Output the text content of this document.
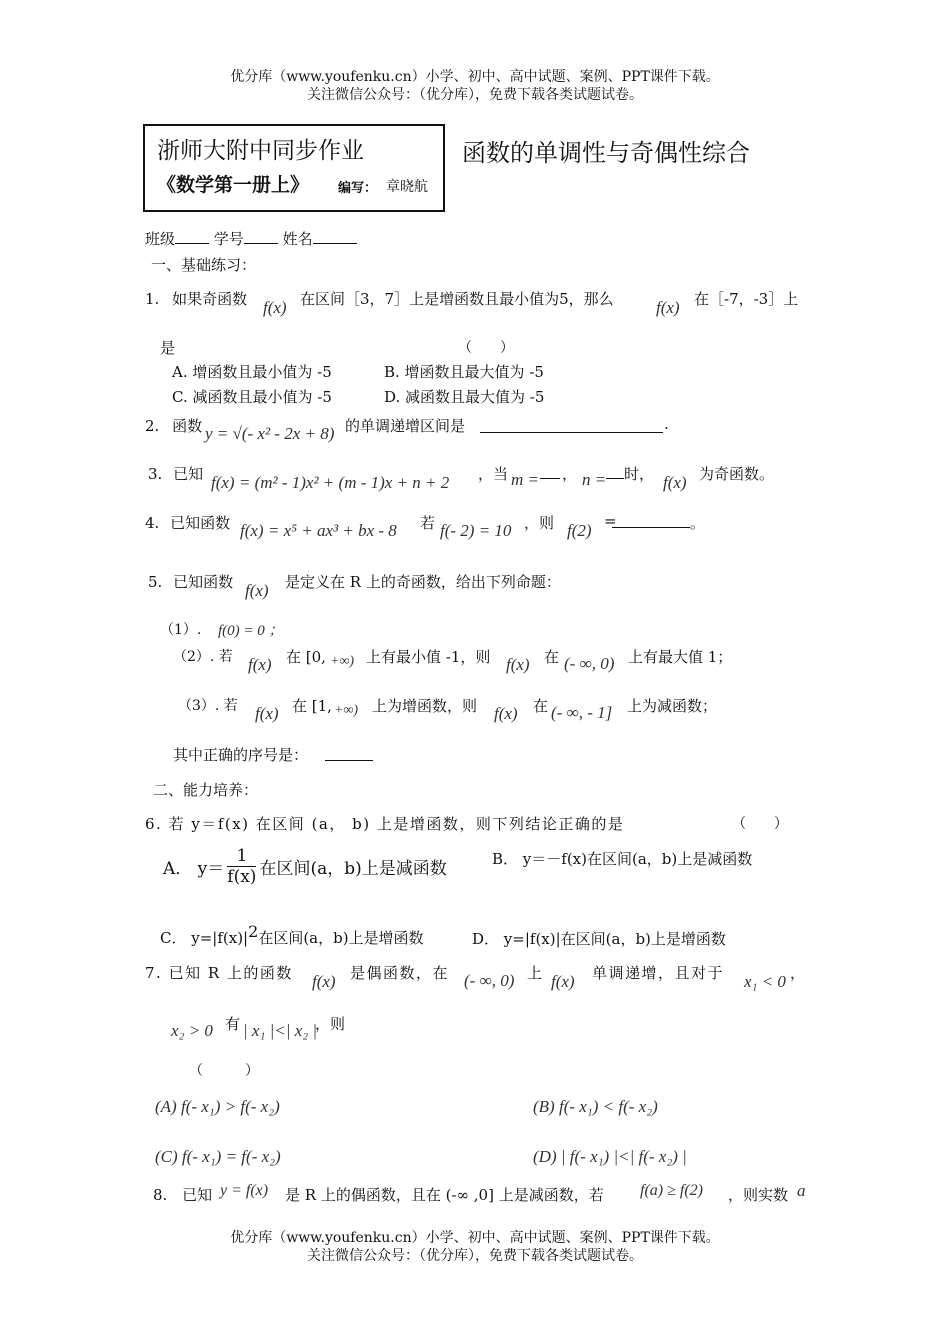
优分库（www.youfenku.cn）小学、初中、高中试题、案例、PPT课件下载。
关注微信公众号：（优分库），免费下载各类试题试卷。
浙师大附中同步作业
《数学第一册上》 编写： 章晓航
函数的单调性与奇偶性综合
班级	学号	姓名
一、基础练习：
1. 如果奇函数 f(x) 在区间［3，7］上是增函数且最小值为5，那么 f(x) 在［-7，-3］上
是	（　　）
A. 增函数且最小值为 -5	B. 增函数且最大值为 -5
C. 减函数且最小值为 -5	D. 减函数且最大值为 -5
2. 函数 y = √(- x² - 2x + 8) 的单调递增区间是	.
3. 已知 f(x) = (m² - 1)x² + (m - 1)x + n + 2 ，当 m = ， n = 时， f(x) 为奇函数。
4. 已知函数 f(x) = x⁵ + ax³ + bx - 8 若 f(- 2) = 10 ，则 f(2) =	。
5. 已知函数 f(x) 是定义在 R 上的奇函数，给出下列命题：
（1）. f(0) = 0 ；
（2）. 若 f(x) 在 [0, +∞) 上有最小值 -1，则 f(x) 在 (- ∞, 0) 上有最大值 1；
（3）. 若 f(x) 在 [1, +∞) 上为增函数，则 f(x) 在 (- ∞, - 1] 上为减函数；
其中正确的序号是：
二、能力培养：
6. 若 y＝f(x) 在区间 (a， b) 上是增函数，则下列结论正确的是	（　　）
A． $y= \frac{1}{f(x)}$ 在区间(a，b)上是减函数	B． y＝－f(x)在区间(a，b)上是减函数
C． $y=|f(x)|^2$在区间(a，b)上是增函数	D． y=|f(x)|在区间(a，b)上是增函数
7. 已知 R 上的函数 f(x) 是偶函数，在 (- ∞, 0) 上 f(x) 单调递增，且对于 x₁ < 0 ，
x₂ > 0 有 | x₁ |<| x₂ |
，则
（　　　）
(A) f(- x₁) > f(- x₂)	(B) f(- x₁) < f(- x₂)
(C) f(- x₁) = f(- x₂)	(D) | f(- x₁) |<| f(- x₂) |
8. 已知 y = f(x) 是 R 上的偶函数，且在 (-∞ ,0] 上是减函数，若 f(a) ≥ f(2) ，则实数 a
优分库（www.youfenku.cn）小学、初中、高中试题、案例、PPT课件下载。
关注微信公众号：（优分库），免费下载各类试题试卷。
